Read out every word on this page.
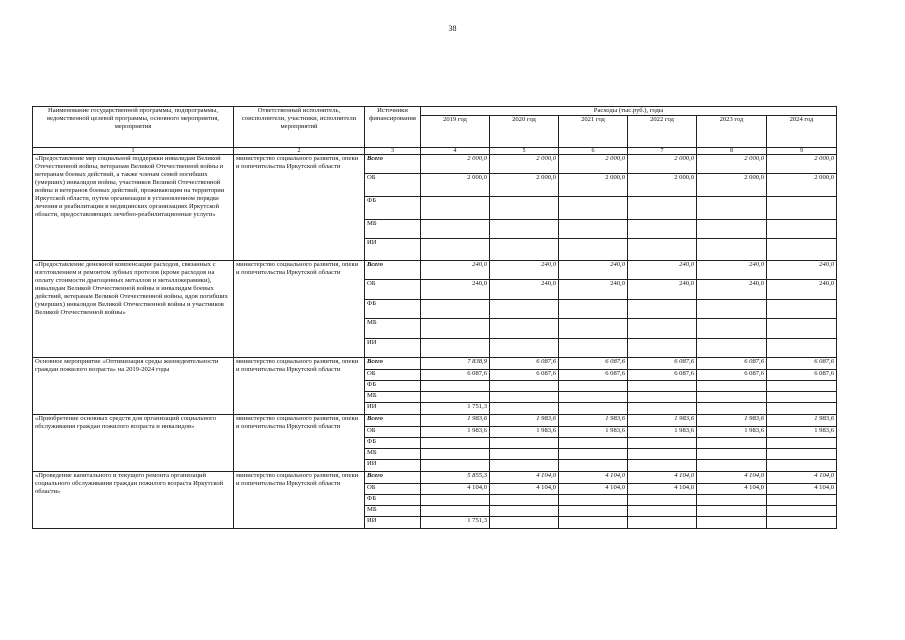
38
Наименование государственной программы, подпрограммы, ведомственной целевой программы, основного мероприятия, мероприятия	Ответственный исполнитель, соисполнители, участники, исполнители мероприятий	Источники финансирования	Расходы (тыс.руб.), годы					
			2019 год	2020 год	2021 год	2022 год	2023 год	2024 год
1	2	3	4	5	6	7	8	9
«Предоставление мер социальной поддержки инвалидам Великой Отечественной войны, ветеранам Великой Отечественной войны и ветеранам боевых действий, а также членам семей погибших (умерших) инвалидов войны, участников Великой Отечественной войны и ветеранов боевых действий, проживающим на территории Иркутской области, путем организации в установленном порядке лечения и реабилитации в медицинских организациях Иркутской области, предоставляющих лечебно-реабилитационные услуги»	министерство социального развития, опеки и попечительства Иркутской области	Всего	2 000,0	2 000,0	2 000,0	2 000,0	2 000,0	2 000,0
		ОБ	2 000,0	2 000,0	2 000,0	2 000,0	2 000,0	2 000,0
		ФБ						
		МБ						
		ИИ						
«Предоставление денежной компенсации расходов, связанных с изготовлением и ремонтом зубных протезов (кроме расходов на оплату стоимости драгоценных металлов и металлокерамики), инвалидам Великой Отечественной войны и инвалидам боевых действий, ветеранам Великой Отечественной войны, вдов погибших (умерших) инвалидов Великой Отечественной войны и участников Великой Отечественной войны»	министерство социального развития, опеки и попечительства Иркутской области	Всего	240,0	240,0	240,0	240,0	240,0	240,0
		ОБ	240,0	240,0	240,0	240,0	240,0	240,0
		ФБ						
		МБ						
		ИИ						
Основное мероприятие «Оптимизация среды жизнедеятельности граждан пожилого возраста» на 2019-2024 годы	министерство социального развития, опеки и попечительства Иркутской области	Всего	7 838,9	6 087,6	6 087,6	6 087,6	6 087,6	6 087,6
		ОБ	6 087,6	6 087,6	6 087,6	6 087,6	6 087,6	6 087,6
		ФБ						
		МБ						
		ИИ	1 751,3					
«Приобретение основных средств для организаций социального обслуживания граждан пожилого возраста и инвалидов»	министерство социального развития, опеки и попечительства Иркутской области	Всего	1 983,6	1 983,6	1 983,6	1 983,6	1 983,6	1 983,6
		ОБ	1 983,6	1 983,6	1 983,6	1 983,6	1 983,6	1 983,6
		ФБ						
		МБ						
		ИИ						
«Проведение капитального и текущего ремонта организаций социального обслуживания граждан пожилого возраста Иркутской области»	министерство социального развития, опеки и попечительства Иркутской области	Всего	5 855,3	4 104,0	4 104,0	4 104,0	4 104,0	4 104,0
		ОБ	4 104,0	4 104,0	4 104,0	4 104,0	4 104,0	4 104,0
		ФБ						
		МБ						
		ИИ	1 751,3					
